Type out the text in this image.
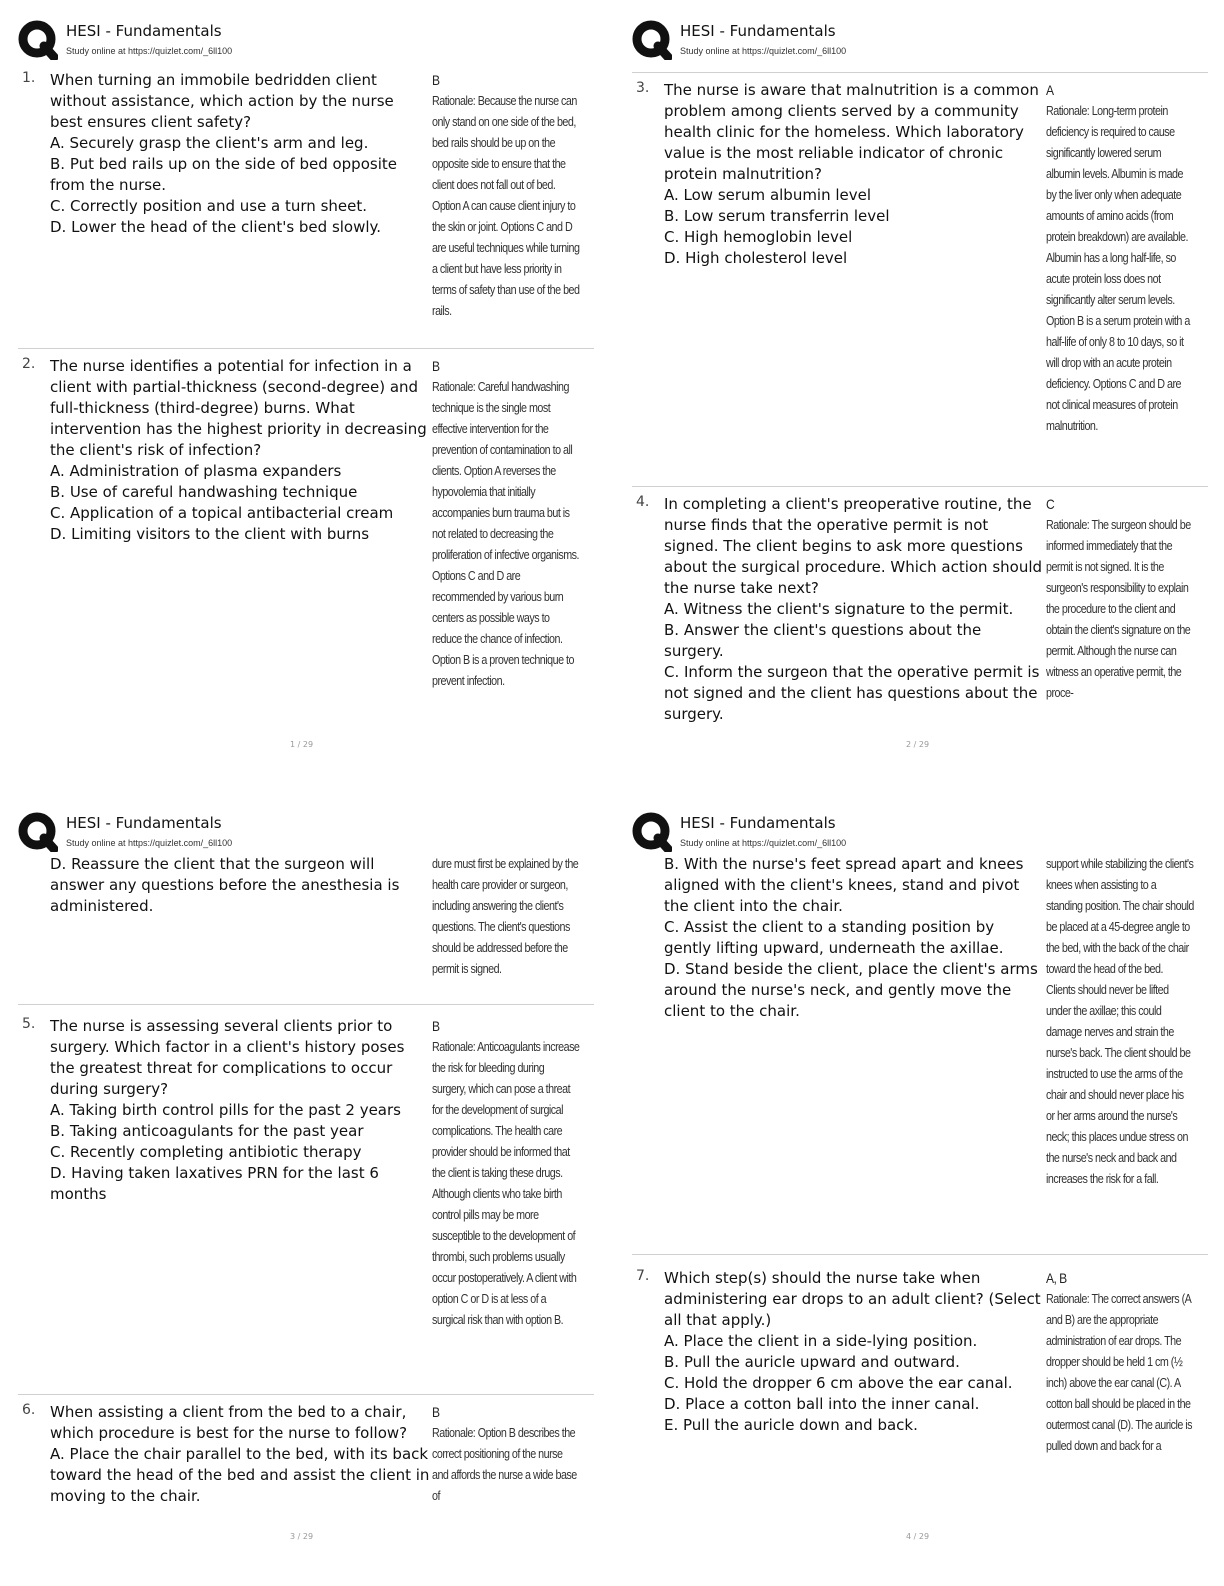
HESI - Fundamentals
Study online at https://quizlet.com/_6ll100
1. When turning an immobile bedridden client without assistance, which action by the nurse best ensures client safety?

A. Securely grasp the client's arm and leg.

B. Put bed rails up on the side of bed opposite from the nurse.

C. Correctly position and use a turn sheet.

D. Lower the head of the client's bed slowly.

B
Rationale: Because the nurse can only stand on one side of the bed, bed rails should be up on the opposite side to ensure that the client does not fall out of bed. Option A can cause client injury to the skin or joint. Options C and D are useful techniques while turning a client but have less priority in terms of safety than use of the bed rails.
2. The nurse identifies a potential for infection in a client with partial-thickness (second-degree) and full-thickness (third-degree) burns. What intervention has the highest priority in decreasing the client's risk of infection?

A. Administration of plasma expanders

B. Use of careful handwashing technique

C. Application of a topical antibacterial cream

D. Limiting visitors to the client with burns

B
Rationale: Careful handwashing technique is the single most effective intervention for the prevention of contamination to all clients. Option A reverses the hypovolemia that initially accompanies burn trauma but is not related to decreasing the proliferation of infective organisms. Options C and D are recommended by various burn centers as possible ways to reduce the chance of infection. Option B is a proven technique to prevent infection.
1 / 29
HESI - Fundamentals
Study online at https://quizlet.com/_6ll100
3. The nurse is aware that malnutrition is a common problem among clients served by a community health clinic for the homeless. Which laboratory value is the most reliable indicator of chronic protein malnutrition?

A. Low serum albumin level

B. Low serum transferrin level

C. High hemoglobin level

D. High cholesterol level

A
Rationale: Long-term protein deficiency is required to cause significantly lowered serum albumin levels. Albumin is made by the liver only when adequate amounts of amino acids (from protein breakdown) are available. Albumin has a long half-life, so acute protein loss does not significantly alter serum levels. Option B is a serum protein with a half-life of only 8 to 10 days, so it will drop with an acute protein deficiency. Options C and D are not clinical measures of protein malnutrition.
4. In completing a client's preoperative routine, the nurse finds that the operative permit is not signed. The client begins to ask more questions about the surgical procedure. Which action should the nurse take next?

A. Witness the client's signature to the permit.

B. Answer the client's questions about the surgery.

C. Inform the surgeon that the operative permit is not signed and the client has questions about the surgery.

C
Rationale: The surgeon should be informed immediately that the permit is not signed. It is the surgeon's responsibility to explain the procedure to the client and obtain the client's signature on the permit. Although the nurse can witness an operative permit, the proce-
2 / 29
HESI - Fundamentals
Study online at https://quizlet.com/_6ll100

D. Reassure the client that the surgeon will answer any questions before the anesthesia is administered.

dure must first be explained by the health care provider or surgeon, including answering the client's questions. The client's questions should be addressed before the permit is signed.
5. The nurse is assessing several clients prior to surgery. Which factor in a client's history poses the greatest threat for complications to occur during surgery?

A. Taking birth control pills for the past 2 years

B. Taking anticoagulants for the past year

C. Recently completing antibiotic therapy

D. Having taken laxatives PRN for the last 6 months

B
Rationale: Anticoagulants increase the risk for bleeding during surgery, which can pose a threat for the development of surgical complications. The health care provider should be informed that the client is taking these drugs. Although clients who take birth control pills may be more susceptible to the development of thrombi, such problems usually occur postoperatively. A client with option C or D is at less of a surgical risk than with option B.
6. When assisting a client from the bed to a chair, which procedure is best for the nurse to follow?

A. Place the chair parallel to the bed, with its back toward the head of the bed and assist the client in moving to the chair.

B
Rationale: Option B describes the correct positioning of the nurse and affords the nurse a wide base of
3 / 29
HESI - Fundamentals
Study online at https://quizlet.com/_6ll100

B. With the nurse's feet spread apart and knees aligned with the client's knees, stand and pivot the client into the chair.

C. Assist the client to a standing position by gently lifting upward, underneath the axillae.

D. Stand beside the client, place the client's arms around the nurse's neck, and gently move the client to the chair.

support while stabilizing the client's knees when assisting to a standing position. The chair should be placed at a 45-degree angle to the bed, with the back of the chair toward the head of the bed. Clients should never be lifted under the axillae; this could damage nerves and strain the nurse's back. The client should be instructed to use the arms of the chair and should never place his or her arms around the nurse's neck; this places undue stress on the nurse's neck and back and increases the risk for a fall.
7. Which step(s) should the nurse take when administering ear drops to an adult client? (Select all that apply.)

A. Place the client in a side-lying position.

B. Pull the auricle upward and outward.

C. Hold the dropper 6 cm above the ear canal.

D. Place a cotton ball into the inner canal.

E. Pull the auricle down and back.

A, B
Rationale: The correct answers (A and B) are the appropriate administration of ear drops. The dropper should be held 1 cm (½ inch) above the ear canal (C). A cotton ball should be placed in the outermost canal (D). The auricle is pulled down and back for a
4 / 29
